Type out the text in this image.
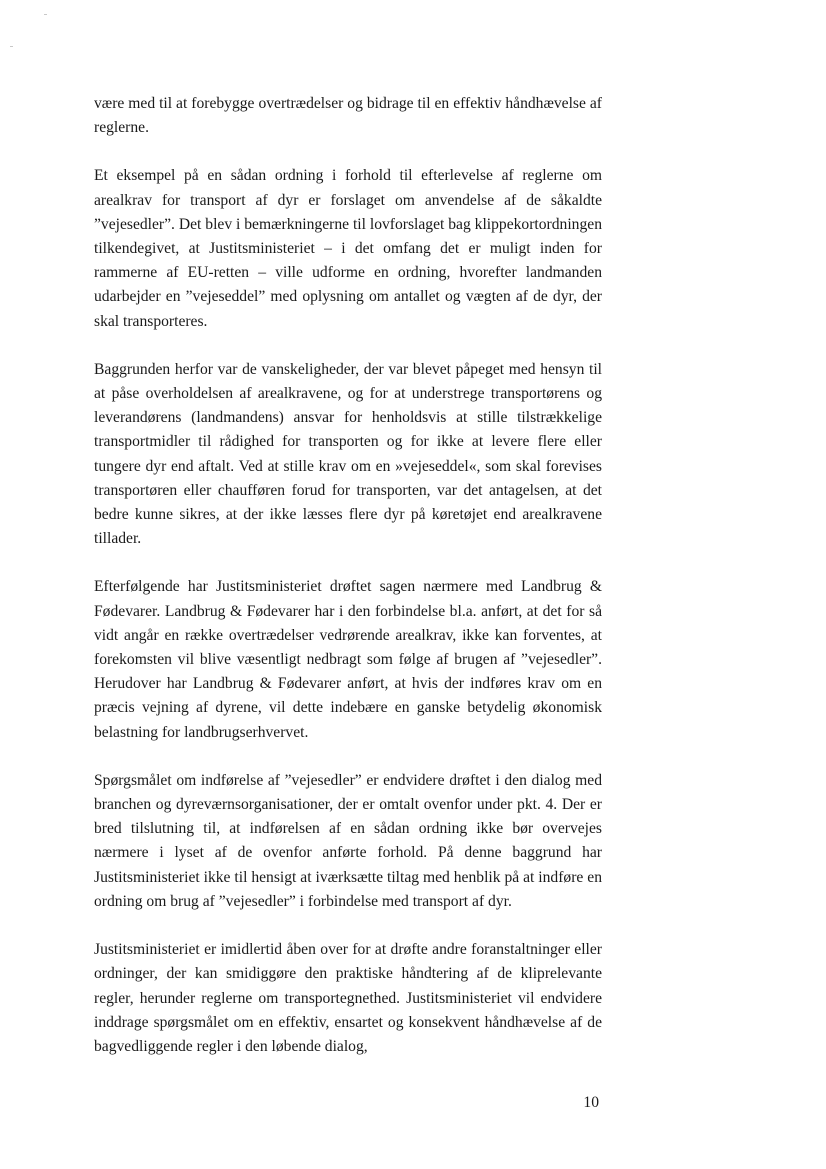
være med til at forebygge overtrædelser og bidrage til en effektiv håndhævelse af reglerne.

Et eksempel på en sådan ordning i forhold til efterlevelse af reglerne om arealkrav for transport af dyr er forslaget om anvendelse af de såkaldte ”vejesedler”. Det blev i bemærkningerne til lovforslaget bag klippekortordningen tilkendegivet, at Justitsministeriet – i det omfang det er muligt inden for rammerne af EU-retten – ville udforme en ordning, hvorefter landmanden udarbejder en ”vejeseddel” med oplysning om antallet og vægten af de dyr, der skal transporteres.

Baggrunden herfor var de vanskeligheder, der var blevet påpeget med hensyn til at påse overholdelsen af arealkravene, og for at understrege transportørens og leverandørens (landmandens) ansvar for henholdsvis at stille tilstrækkelige transportmidler til rådighed for transporten og for ikke at levere flere eller tungere dyr end aftalt. Ved at stille krav om en »vejeseddel«, som skal forevises transportøren eller chaufføren forud for transporten, var det antagelsen, at det bedre kunne sikres, at der ikke læsses flere dyr på køretøjet end arealkravene tillader.

Efterfølgende har Justitsministeriet drøftet sagen nærmere med Landbrug & Fødevarer. Landbrug & Fødevarer har i den forbindelse bl.a. anført, at det for så vidt angår en række overtrædelser vedrørende arealkrav, ikke kan forventes, at forekomsten vil blive væsentligt nedbragt som følge af brugen af ”vejesedler”. Herudover har Landbrug & Fødevarer anført, at hvis der indføres krav om en præcis vejning af dyrene, vil dette indebære en ganske betydelig økonomisk belastning for landbrugserhvervet.

Spørgsmålet om indførelse af ”vejesedler” er endvidere drøftet i den dialog med branchen og dyreværnsorganisationer, der er omtalt ovenfor under pkt. 4. Der er bred tilslutning til, at indførelsen af en sådan ordning ikke bør overvejes nærmere i lyset af de ovenfor anførte forhold. På denne baggrund har Justitsministeriet ikke til hensigt at iværksætte tiltag med henblik på at indføre en ordning om brug af ”vejesedler” i forbindelse med transport af dyr.

Justitsministeriet er imidlertid åben over for at drøfte andre foranstaltninger eller ordninger, der kan smidiggøre den praktiske håndtering af de kliprelevante regler, herunder reglerne om transportegnethed. Justitsministeriet vil endvidere inddrage spørgsmålet om en effektiv, ensartet og konsekvent håndhævelse af de bagvedliggende regler i den løbende dialog,

10
